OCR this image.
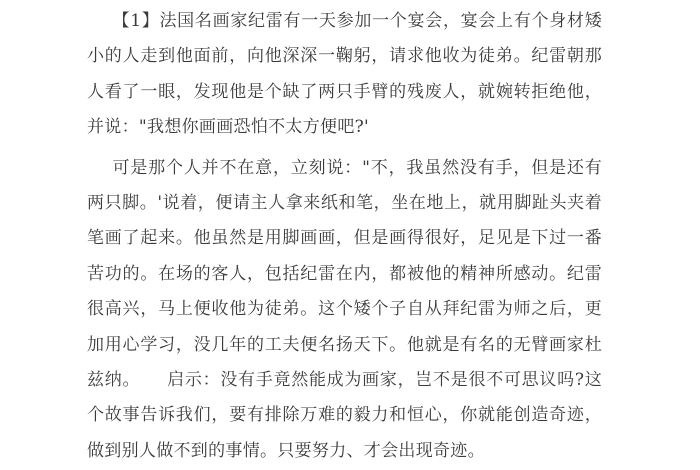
【1】法国名画家纪雷有一天参加一个宴会，宴会上有个身材矮小的人走到他面前，向他深深一鞠躬，请求他收为徒弟。纪雷朝那人看了一眼，发现他是个缺了两只手臂的残废人，就婉转拒绝他，并说："我想你画画恐怕不太方便吧?'

可是那个人并不在意，立刻说："不，我虽然没有手，但是还有两只脚。'说着，便请主人拿来纸和笔，坐在地上，就用脚趾头夹着笔画了起来。他虽然是用脚画画，但是画得很好，足见是下过一番苦功的。在场的客人，包括纪雷在内，都被他的精神所感动。纪雷很高兴，马上便收他为徒弟。这个矮个子自从拜纪雷为师之后，更加用心学习，没几年的工夫便名扬天下。他就是有名的无臂画家杜兹纳。　　启示：没有手竟然能成为画家，岂不是很不可思议吗?这个故事告诉我们，要有排除万难的毅力和恒心，你就能创造奇迹，做到别人做不到的事情。只要努力、才会出现奇迹。
